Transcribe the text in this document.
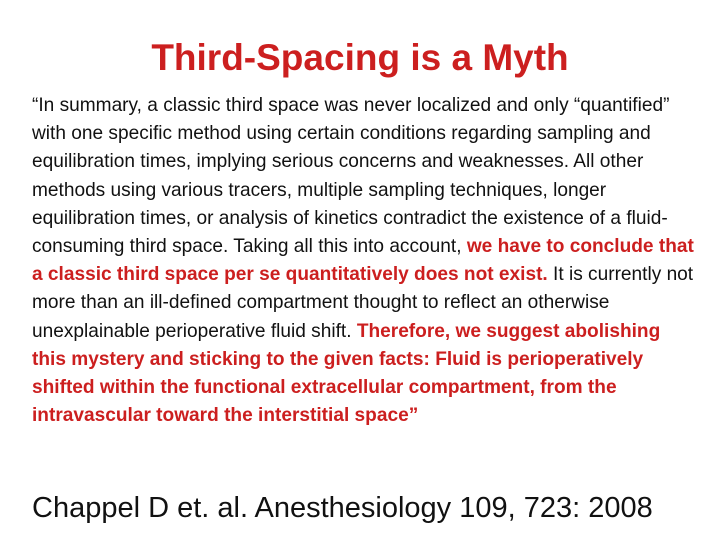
Third-Spacing is a Myth

“In summary, a classic third space was never localized and only “quantified” with one specific method using certain conditions regarding sampling and equilibration times, implying serious concerns and weaknesses. All other methods using various tracers, multiple sampling techniques, longer equilibration times, or analysis of kinetics contradict the existence of a fluid-consuming third space. Taking all this into account, we have to conclude that a classic third space per se quantitatively does not exist. It is currently not more than an ill-defined compartment thought to reflect an otherwise unexplainable perioperative fluid shift. Therefore, we suggest abolishing this mystery and sticking to the given facts: Fluid is perioperatively shifted within the functional extracellular compartment, from the intravascular toward the interstitial space”

Chappel D et. al. Anesthesiology 109, 723: 2008
